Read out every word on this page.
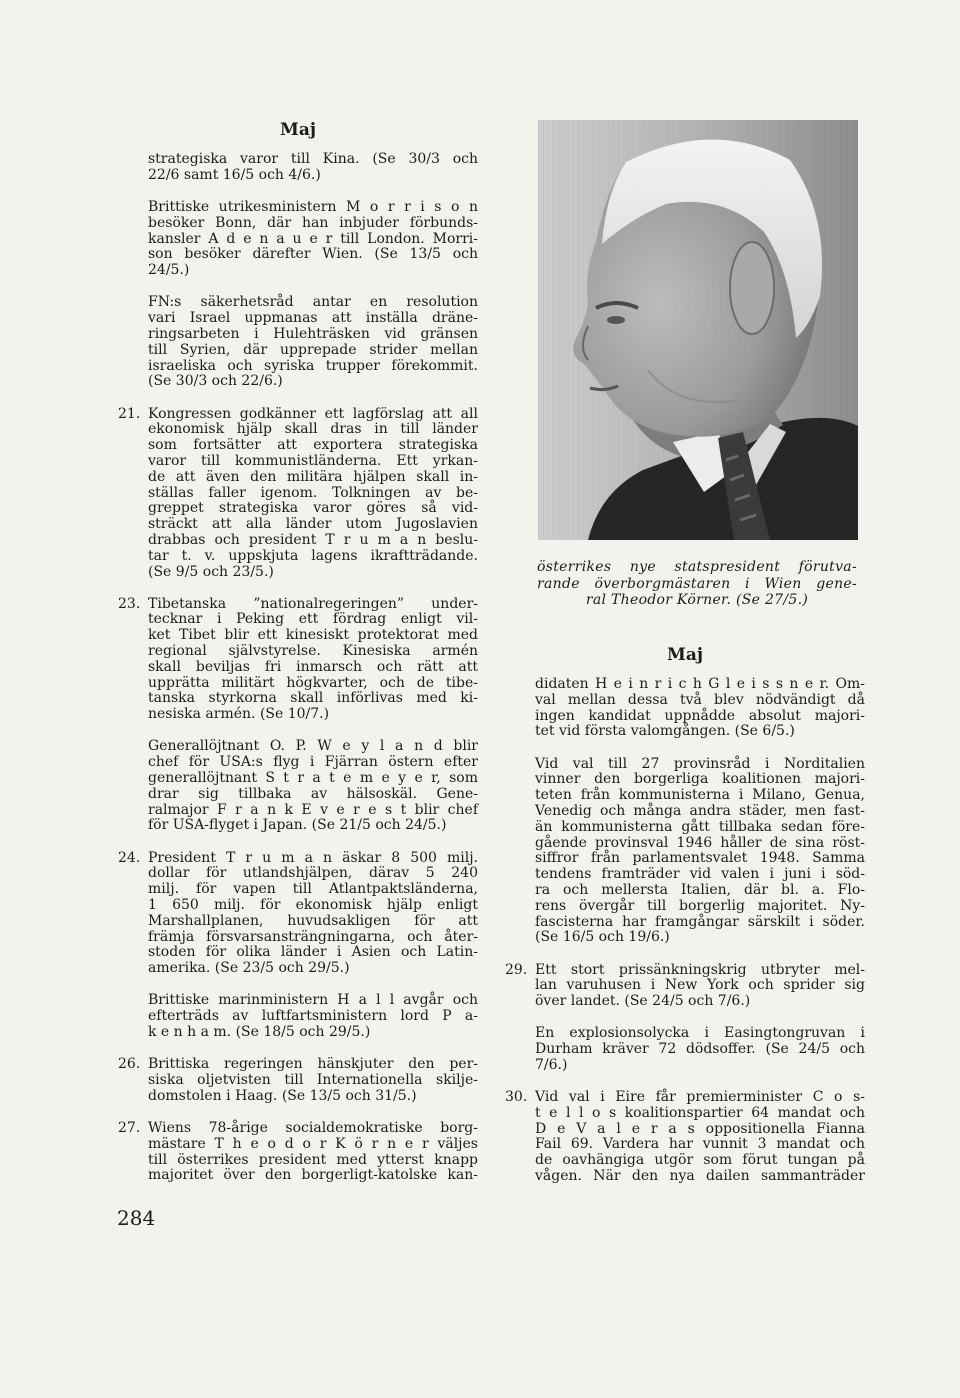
Maj
strategiska varor till Kina. (Se 30/3 och
22/6 samt 16/5 och 4/6.)
Brittiske utrikesministern M o r r i s o n
besöker Bonn, där han inbjuder förbunds-
kansler A d e n a u e r till London. Morri-
son besöker därefter Wien. (Se 13/5 och
24/5.)
FN:s säkerhetsråd antar en resolution
vari Israel uppmanas att inställa dräne-
ringsarbeten i Hulehträsken vid gränsen
till Syrien, där upprepade strider mellan
israeliska och syriska trupper förekommit.
(Se 30/3 och 22/6.)
21. Kongressen godkänner ett lagförslag att all
ekonomisk hjälp skall dras in till länder
som fortsätter att exportera strategiska
varor till kommunistländerna. Ett yrkan-
de att även den militära hjälpen skall in-
ställas faller igenom. Tolkningen av be-
greppet strategiska varor göres så vid-
sträckt att alla länder utom Jugoslavien
drabbas och president T r u m a n beslu-
tar t. v. uppskjuta lagens ikraftträdande.
(Se 9/5 och 23/5.)
23. Tibetanska ”nationalregeringen” under-
tecknar i Peking ett fördrag enligt vil-
ket Tibet blir ett kinesiskt protektorat med
regional självstyrelse. Kinesiska armén
skall beviljas fri inmarsch och rätt att
upprätta militärt högkvarter, och de tibe-
tanska styrkorna skall införlivas med ki-
nesiska armén. (Se 10/7.)
Generallöjtnant O. P. W e y l a n d blir
chef för USA:s flyg i Fjärran östern efter
generallöjtnant S t r a t e m e y e r, som
drar sig tillbaka av hälsoskäl. Gene-
ralmajor F r a n k E v e r e s t blir chef
för USA-flyget i Japan. (Se 21/5 och 24/5.)
24. President T r u m a n äskar 8 500 milj.
dollar för utlandshjälpen, därav 5 240
milj. för vapen till Atlantpaktsländerna,
1 650 milj. för ekonomisk hjälp enligt
Marshallplanen, huvudsakligen för att
främja försvarsansträngningarna, och åter-
stoden för olika länder i Asien och Latin-
amerika. (Se 23/5 och 29/5.)
Brittiske marinministern H a l l avgår och
efterträds av luftfartsministern lord P a-
k e n h a m. (Se 18/5 och 29/5.)
26. Brittiska regeringen hänskjuter den per-
siska oljetvisten till Internationella skilje-
domstolen i Haag. (Se 13/5 och 31/5.)
27. Wiens 78-årige socialdemokratiske borg-
mästare T h e o d o r K ö r n e r väljes
till österrikes president med ytterst knapp
majoritet över den borgerligt-katolske kan-
österrikes nye statspresident förutva-
rande överborgmästaren i Wien gene-
ral Theodor Körner. (Se 27/5.)
Maj
didaten H e i n r i c h G l e i s s n e r. Om-
val mellan dessa två blev nödvändigt då
ingen kandidat uppnådde absolut majori-
tet vid första valomgången. (Se 6/5.)
Vid val till 27 provinsråd i Norditalien
vinner den borgerliga koalitionen majori-
teten från kommunisterna i Milano, Genua,
Venedig och många andra städer, men fast-
än kommunisterna gått tillbaka sedan före-
gående provinsval 1946 håller de sina röst-
siffror från parlamentsvalet 1948. Samma
tendens framträder vid valen i juni i söd-
ra och mellersta Italien, där bl. a. Flo-
rens övergår till borgerlig majoritet. Ny-
fascisterna har framgångar särskilt i söder.
(Se 16/5 och 19/6.)
29. Ett stort prissänkningskrig utbryter mel-
lan varuhusen i New York och sprider sig
över landet. (Se 24/5 och 7/6.)
En explosionsolycka i Easingtongruvan i
Durham kräver 72 dödsoffer. (Se 24/5 och
7/6.)
30. Vid val i Eire får premierminister C o s-
t e l l o s koalitionspartier 64 mandat och
D e V a l e r a s oppositionella Fianna
Fail 69. Vardera har vunnit 3 mandat och
de oavhängiga utgör som förut tungan på
vågen. När den nya dailen sammanträder
284
